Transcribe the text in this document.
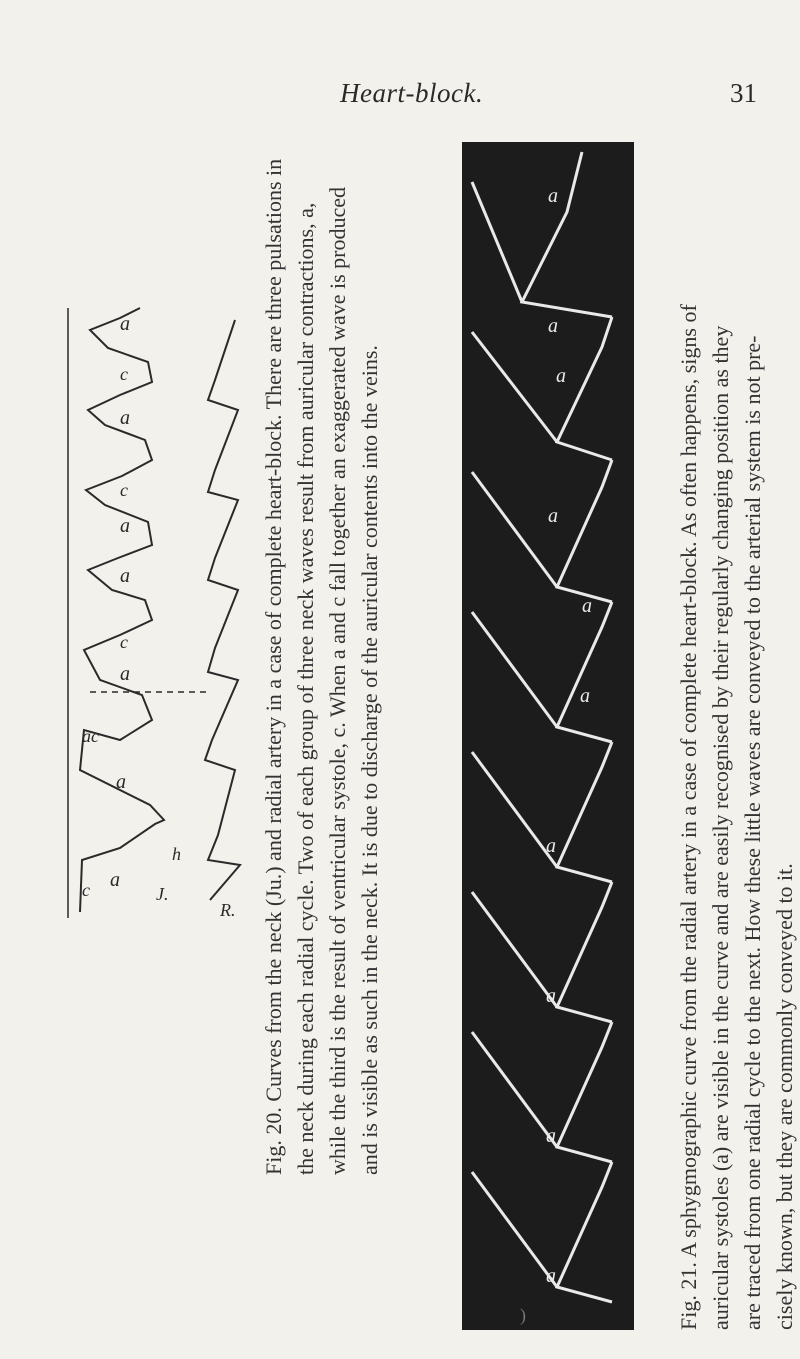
Heart-block.	31
a
c
a
ac
a
c
a
a
c
a
c
a
J.
R.
h	Fig. 20. Curves from the neck (Ju.) and radial artery in a case of complete heart-block. There are three pulsations in the neck during each radial cycle. Two of each group of three neck waves result from auricular contractions, a, while the third is the result of ventricular systole, c. When a and c fall together an exaggerated wave is produced and is visible as such in the neck. It is due to discharge of the auricular contents into the veins.

a
a
a
a
a
a
a
a
a
a	Fig. 21. A sphygmographic curve from the radial artery in a case of complete heart-block. As often happens, signs of auricular systoles (a) are visible in the curve and are easily recognised by their regularly changing position as they are traced from one radial cycle to the next. How these little waves are conveyed to the arterial system is not pre- cisely known, but they are commonly conveyed to it.

)
